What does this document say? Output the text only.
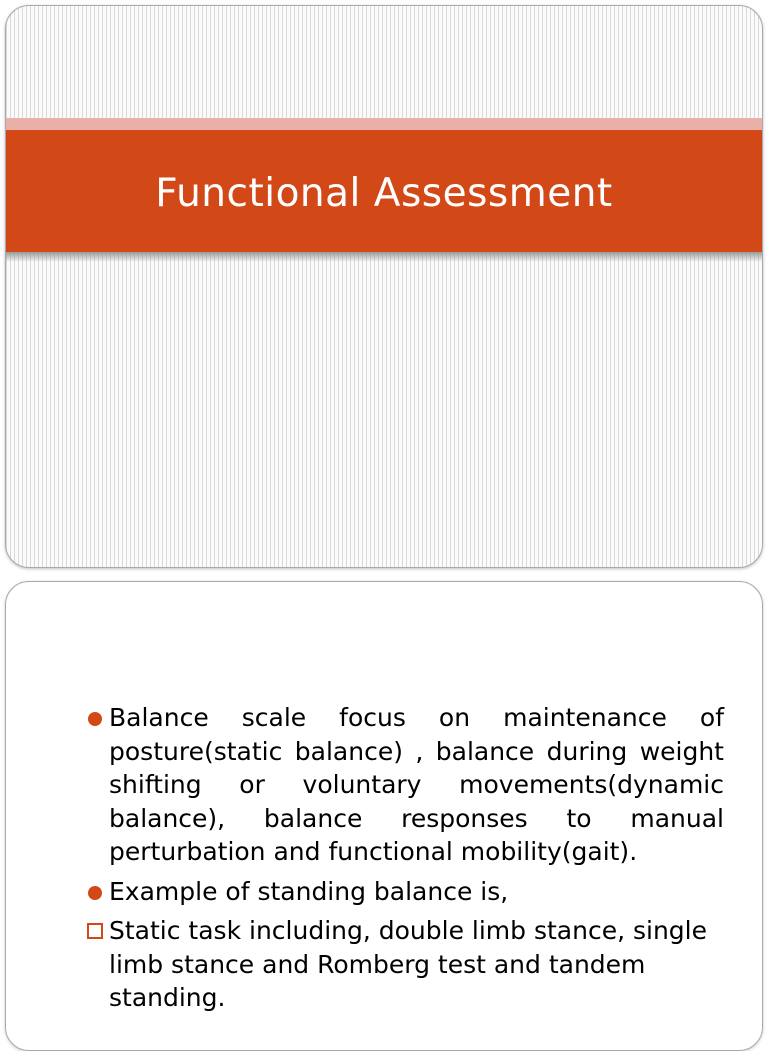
Functional Assessment
Balance scale focus on maintenance of posture(static balance) , balance during weight shifting or voluntary movements(dynamic balance), balance responses to manual perturbation and functional mobility(gait).
Example of standing balance is,
Static task including, double limb stance, single limb stance and Romberg test and tandem standing.
